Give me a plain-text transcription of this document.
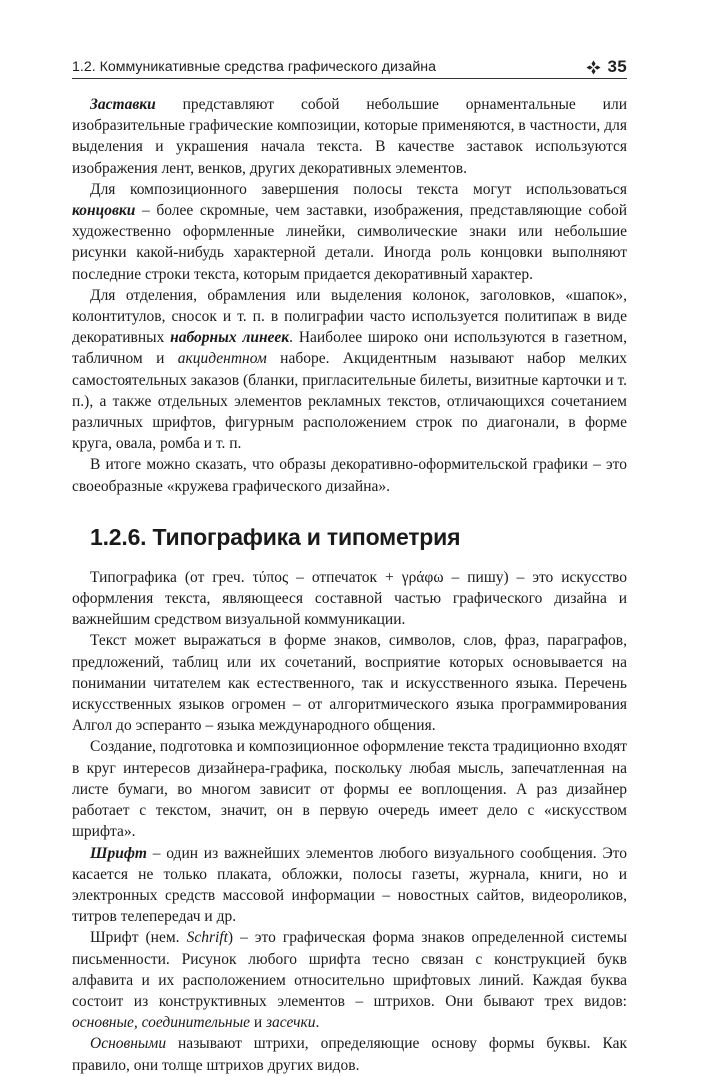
1.2. Коммуникативные средства графического дизайна	35

Заставки представляют собой небольшие орнаментальные или изобразительные графические композиции, которые применяются, в частности, для выделения и украшения начала текста. В качестве заставок используются изображения лент, венков, других декоративных элементов.

Для композиционного завершения полосы текста могут использоваться концовки – более скромные, чем заставки, изображения, представляющие собой художественно оформленные линейки, символические знаки или небольшие рисунки какой-нибудь характерной детали. Иногда роль концовки выполняют последние строки текста, которым придается декоративный характер.

Для отделения, обрамления или выделения колонок, заголовков, «шапок», колонтитулов, сносок и т. п. в полиграфии часто используется политипаж в виде декоративных наборных линеек. Наиболее широко они используются в газетном, табличном и акцидентном наборе. Акцидентным называют набор мелких самостоятельных заказов (бланки, пригласительные билеты, визитные карточки и т. п.), а также отдельных элементов рекламных текстов, отличающихся сочетанием различных шрифтов, фигурным расположением строк по диагонали, в форме круга, овала, ромба и т. п.

В итоге можно сказать, что образы декоративно-оформительской графики – это своеобразные «кружева графического дизайна».

1.2.6. Типографика и типометрия

Типографика (от греч. τύπος – отпечаток + γράφω – пишу) – это искусство оформления текста, являющееся составной частью графического дизайна и важнейшим средством визуальной коммуникации.

Текст может выражаться в форме знаков, символов, слов, фраз, параграфов, предложений, таблиц или их сочетаний, восприятие которых основывается на понимании читателем как естественного, так и искусственного языка. Перечень искусственных языков огромен – от алгоритмического языка программирования Алгол до эсперанто – языка международного общения.

Создание, подготовка и композиционное оформление текста традиционно входят в круг интересов дизайнера-графика, поскольку любая мысль, запечатленная на листе бумаги, во многом зависит от формы ее воплощения. А раз дизайнер работает с текстом, значит, он в первую очередь имеет дело с «искусством шрифта».

Шрифт – один из важнейших элементов любого визуального сообщения. Это касается не только плаката, обложки, полосы газеты, журнала, книги, но и электронных средств массовой информации – новостных сайтов, видеороликов, титров телепередач и др.

Шрифт (нем. Schrift) – это графическая форма знаков определенной системы письменности. Рисунок любого шрифта тесно связан с конструкцией букв алфавита и их расположением относительно шрифтовых линий. Каждая буква состоит из конструктивных элементов – штрихов. Они бывают трех видов: основные, соединительные и засечки.

Основными называют штрихи, определяющие основу формы буквы. Как правило, они толще штрихов других видов.
